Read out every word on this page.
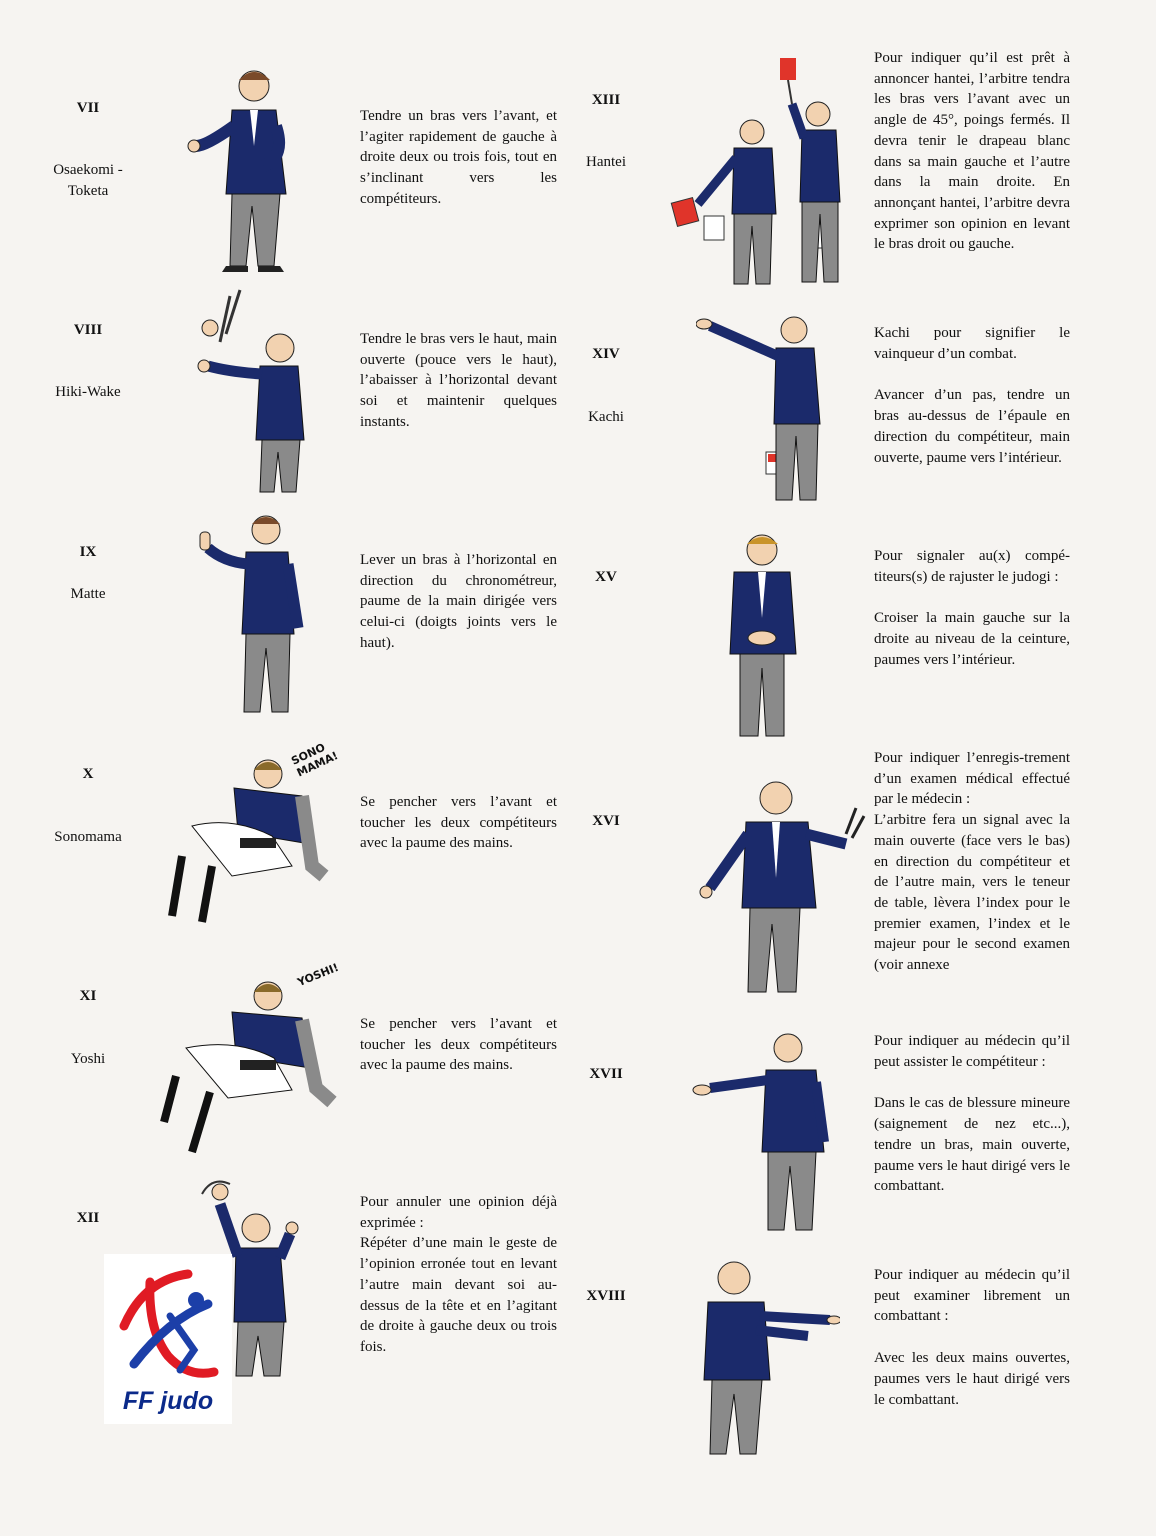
VII
Osaekomi - Toketa

Tendre un bras vers l’avant, et l’agiter rapidement de gauche à droite deux ou trois fois, tout en s’inclinant vers les compétiteurs.

VIII
Hiki-Wake

Tendre le bras vers le haut, main ouverte (pouce vers le haut), l’abaisser à l’horizontal devant soi et maintenir quelques instants.

IX
Matte

Lever un bras à l’horizontal en direction du chronométreur, paume de la main dirigée vers celui-ci (doigts joints vers le haut).

X
Sonomama
SONO MAMA!

Se pencher vers l’avant et toucher les deux compétiteurs avec la paume des mains.

XI
Yoshi
YOSHI!

Se pencher vers l’avant et toucher les deux compétiteurs avec la paume des mains.

XII

Pour annuler une opinion déjà exprimée :

Répéter d’une main le geste de l’opinion erronée tout en levant l’autre main devant soi au-dessus de la tête et en l’agitant de droite à gauche deux ou trois fois.

FF judo
XIII
Hantei

Pour indiquer qu’il est prêt à annoncer hantei, l’arbitre tendra les bras vers l’avant avec un angle de 45°, poings fermés. Il devra tenir le drapeau blanc dans sa main gauche et l’autre dans la main droite. En annonçant hantei, l’arbitre devra exprimer son opinion en levant le bras droit ou gauche.

XIV
Kachi

Kachi pour signifier le vainqueur d’un combat.

Avancer d’un pas, tendre un bras au-dessus de l’épaule en direction du compétiteur, main ouverte, paume vers l’intérieur.

XV

Pour signaler au(x) compé-titeurs(s) de rajuster le judogi :

Croiser la main gauche sur la droite au niveau de la ceinture, paumes vers l’intérieur.

XVI

Pour indiquer l’enregis-trement d’un examen médical effectué par le médecin :

L’arbitre fera un signal avec la main ouverte (face vers le bas) en direction du compétiteur et de l’autre main, vers le teneur de table, lèvera l’index pour le premier examen, l’index et le majeur pour le second examen (voir annexe

XVII

Pour indiquer au médecin qu’il peut assister le compétiteur :

Dans le cas de blessure mineure (saignement de nez etc...), tendre un bras, main ouverte, paume vers le haut dirigé vers le combattant.

XVIII

Pour indiquer au médecin qu’il peut examiner librement un combattant :

Avec les deux mains ouvertes, paumes vers le haut dirigé vers le combattant.
